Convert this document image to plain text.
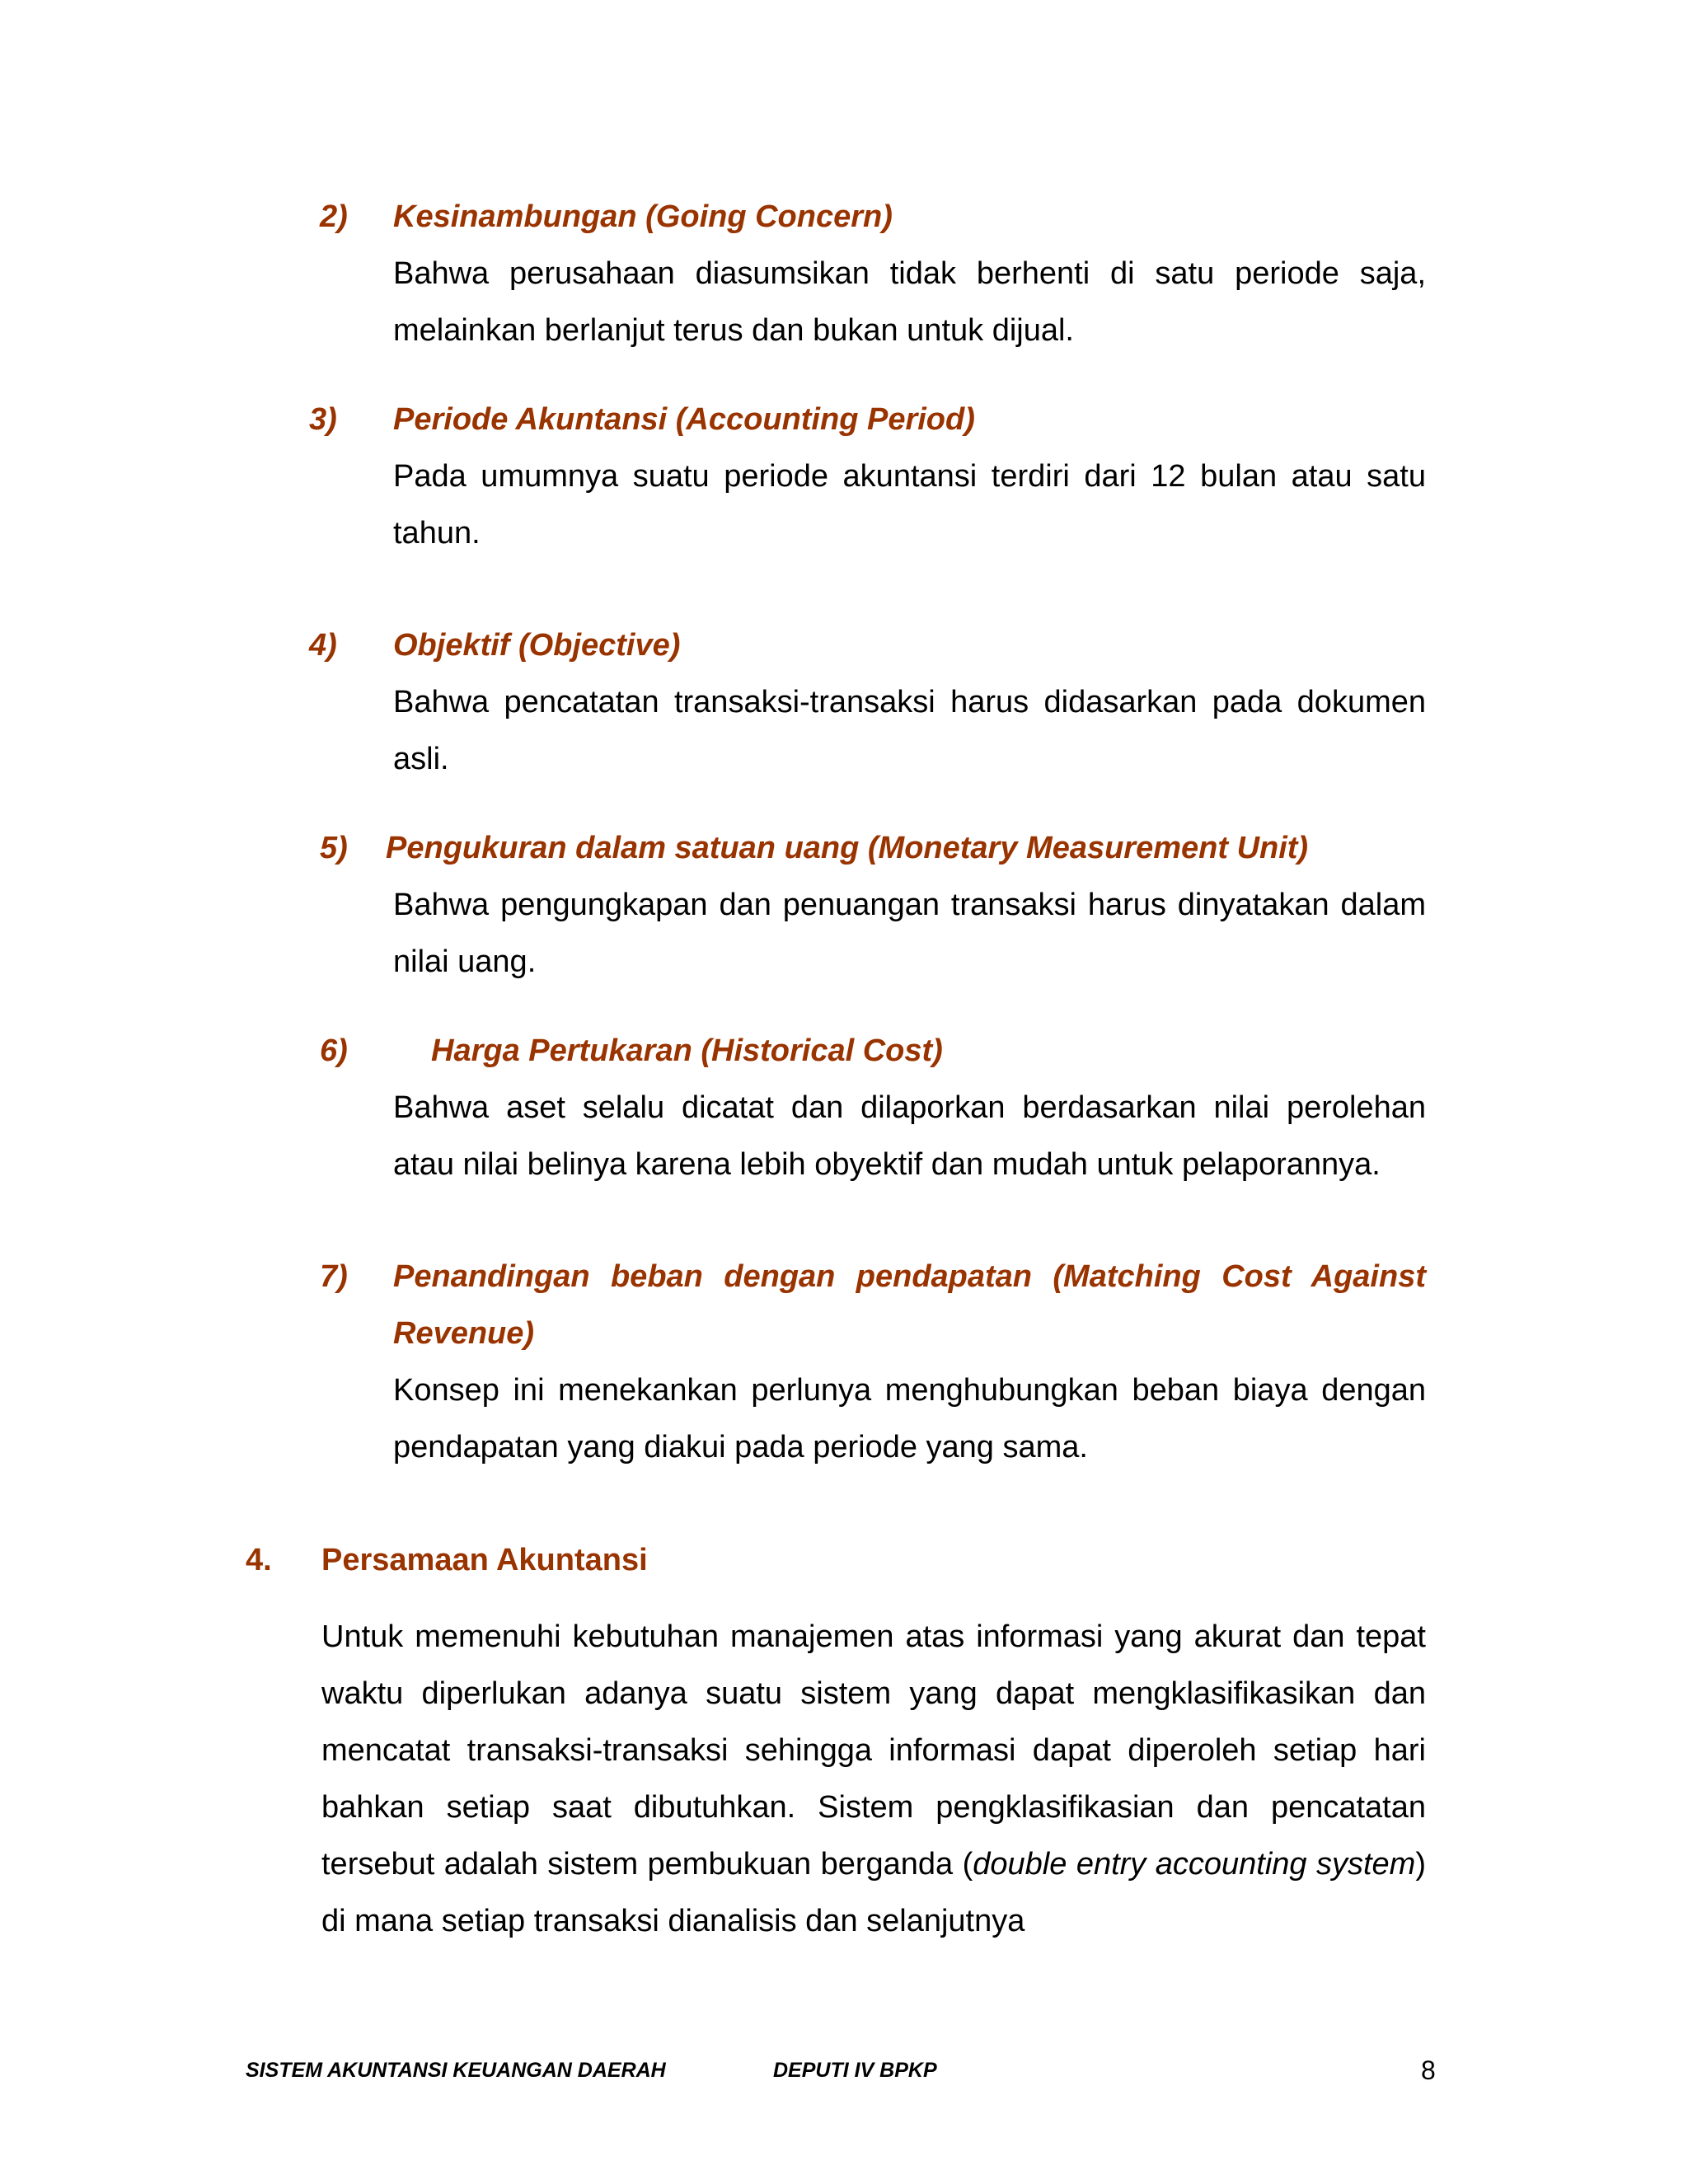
2) Kesinambungan (Going Concern)
Bahwa perusahaan diasumsikan tidak berhenti di satu periode saja, melainkan berlanjut terus dan bukan untuk dijual.
3) Periode Akuntansi (Accounting Period)
Pada umumnya suatu periode akuntansi terdiri dari 12 bulan atau satu tahun.
4) Objektif (Objective)
Bahwa pencatatan transaksi-transaksi harus didasarkan pada dokumen asli.
5) Pengukuran dalam satuan uang (Monetary Measurement Unit)
Bahwa pengungkapan dan penuangan transaksi harus dinyatakan dalam nilai uang.
6)	Harga Pertukaran (Historical Cost)
Bahwa aset selalu dicatat dan dilaporkan berdasarkan nilai perolehan atau nilai belinya karena lebih obyektif dan mudah untuk pelaporannya.
7) Penandingan beban dengan pendapatan (Matching Cost Against Revenue)
Konsep ini menekankan perlunya menghubungkan beban biaya dengan pendapatan yang diakui pada periode yang sama.
4. Persamaan Akuntansi
Untuk memenuhi kebutuhan manajemen atas informasi yang akurat dan tepat waktu diperlukan adanya suatu sistem yang dapat mengklasifikasikan dan mencatat transaksi-transaksi sehingga informasi dapat diperoleh setiap hari bahkan setiap saat dibutuhkan. Sistem pengklasifikasian dan pencatatan tersebut adalah sistem pembukuan berganda (double entry accounting system) di mana setiap transaksi dianalisis dan selanjutnya
SISTEM AKUNTANSI KEUANGAN DAERAH	DEPUTI IV BPKP	8
